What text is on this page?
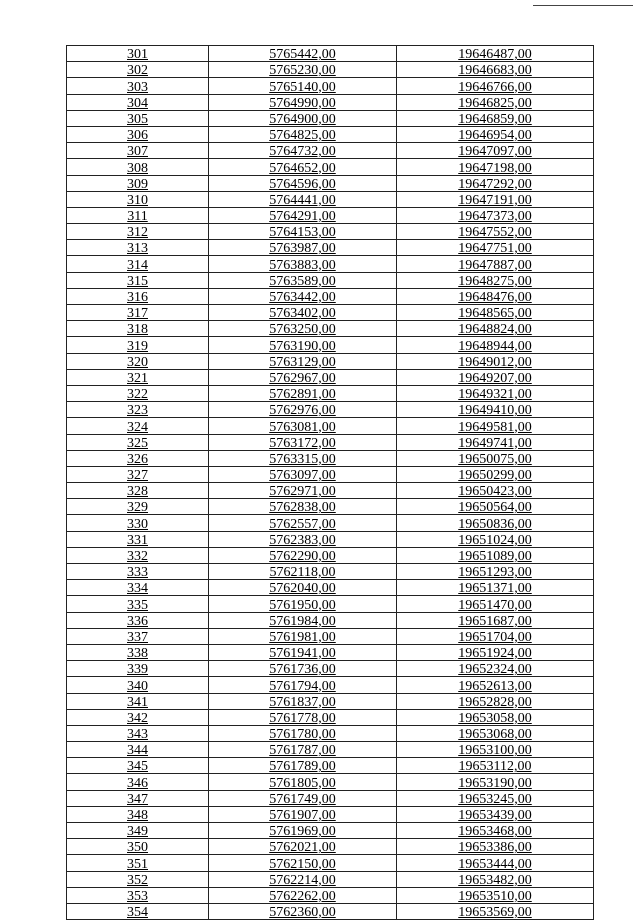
301	5765442,00	19646487,00
302	5765230,00	19646683,00
303	5765140,00	19646766,00
304	5764990,00	19646825,00
305	5764900,00	19646859,00
306	5764825,00	19646954,00
307	5764732,00	19647097,00
308	5764652,00	19647198,00
309	5764596,00	19647292,00
310	5764441,00	19647191,00
311	5764291,00	19647373,00
312	5764153,00	19647552,00
313	5763987,00	19647751,00
314	5763883,00	19647887,00
315	5763589,00	19648275,00
316	5763442,00	19648476,00
317	5763402,00	19648565,00
318	5763250,00	19648824,00
319	5763190,00	19648944,00
320	5763129,00	19649012,00
321	5762967,00	19649207,00
322	5762891,00	19649321,00
323	5762976,00	19649410,00
324	5763081,00	19649581,00
325	5763172,00	19649741,00
326	5763315,00	19650075,00
327	5763097,00	19650299,00
328	5762971,00	19650423,00
329	5762838,00	19650564,00
330	5762557,00	19650836,00
331	5762383,00	19651024,00
332	5762290,00	19651089,00
333	5762118,00	19651293,00
334	5762040,00	19651371,00
335	5761950,00	19651470,00
336	5761984,00	19651687,00
337	5761981,00	19651704,00
338	5761941,00	19651924,00
339	5761736,00	19652324,00
340	5761794,00	19652613,00
341	5761837,00	19652828,00
342	5761778,00	19653058,00
343	5761780,00	19653068,00
344	5761787,00	19653100,00
345	5761789,00	19653112,00
346	5761805,00	19653190,00
347	5761749,00	19653245,00
348	5761907,00	19653439,00
349	5761969,00	19653468,00
350	5762021,00	19653386,00
351	5762150,00	19653444,00
352	5762214,00	19653482,00
353	5762262,00	19653510,00
354	5762360,00	19653569,00
